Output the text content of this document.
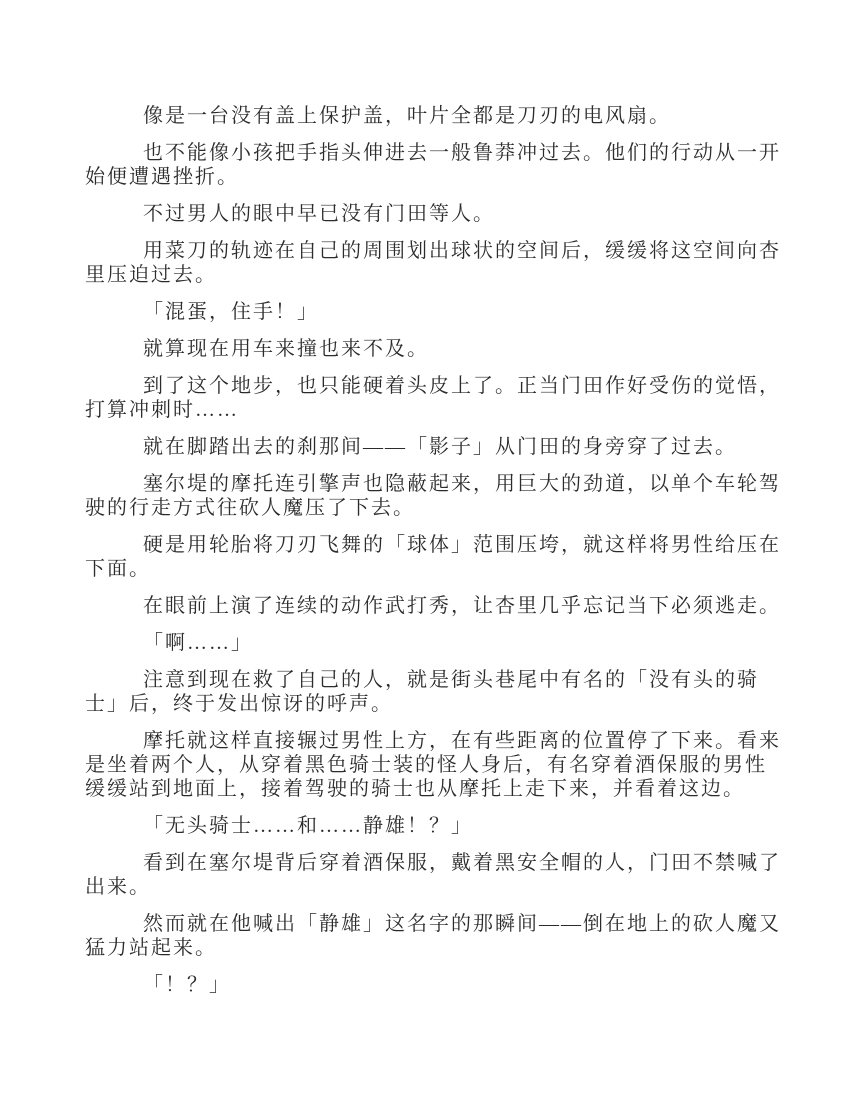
像是一台没有盖上保护盖，叶片全都是刀刃的电风扇。

也不能像小孩把手指头伸进去一般鲁莽冲过去。他们的行动从一开
始便遭遇挫折。

不过男人的眼中早已没有门田等人。

用菜刀的轨迹在自己的周围划出球状的空间后，缓缓将这空间向杏
里压迫过去。

「混蛋，住手！」

就算现在用车来撞也来不及。

到了这个地步，也只能硬着头皮上了。正当门田作好受伤的觉悟，
打算冲刺时……

就在脚踏出去的刹那间——「影子」从门田的身旁穿了过去。

塞尔堤的摩托连引擎声也隐蔽起来，用巨大的劲道，以单个车轮驾
驶的行走方式往砍人魔压了下去。

硬是用轮胎将刀刃飞舞的「球体」范围压垮，就这样将男性给压在
下面。

在眼前上演了连续的动作武打秀，让杏里几乎忘记当下必须逃走。

「啊……」

注意到现在救了自己的人，就是街头巷尾中有名的「没有头的骑
士」后，终于发出惊讶的呼声。

摩托就这样直接辗过男性上方，在有些距离的位置停了下来。看来
是坐着两个人，从穿着黑色骑士装的怪人身后，有名穿着酒保服的男性
缓缓站到地面上，接着驾驶的骑士也从摩托上走下来，并看着这边。

「无头骑士……和……静雄！？」

看到在塞尔堤背后穿着酒保服，戴着黑安全帽的人，门田不禁喊了
出来。

然而就在他喊出「静雄」这名字的那瞬间——倒在地上的砍人魔又
猛力站起来。

「！？」
